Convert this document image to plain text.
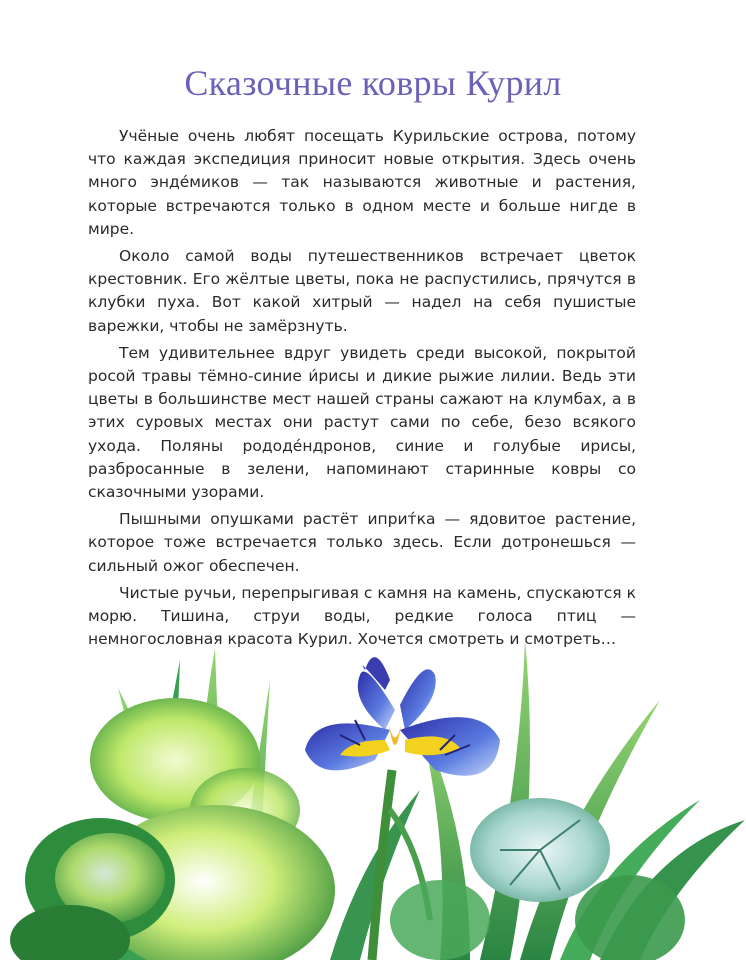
Сказочные ковры Курил

Учёные очень любят посещать Курильские острова, потому что каждая экспедиция приносит новые открытия. Здесь очень много эндéмиков — так называются животные и растения, которые встречаются только в одном месте и больше нигде в мире.

Около самой воды путешественников встречает цветок крестовник. Его жёлтые цветы, пока не распустились, прячутся в клубки пуха. Вот какой хитрый — надел на себя пушистые варежки, чтобы не замёрзнуть.

Тем удивительнее вдруг увидеть среди высокой, покрытой росой травы тёмно-синие и́рисы и дикие рыжие лилии. Ведь эти цветы в большинстве мест нашей страны сажают на клумбах, а в этих суровых местах они растут сами по себе, безо всякого ухода. Поляны рододéндронов, синие и голубые ирисы, разбросанные в зелени, напоминают старинные ковры со сказочными узорами.

Пышными опушками растёт иприт́ка — ядовитое растение, которое тоже встречается только здесь. Если дотронешься — сильный ожог обеспечен.

Чистые ручьи, перепрыгивая с камня на камень, спускаются к морю. Тишина, струи воды, редкие голоса птиц — немногословная красота Курил. Хочется смотреть и смотреть…
